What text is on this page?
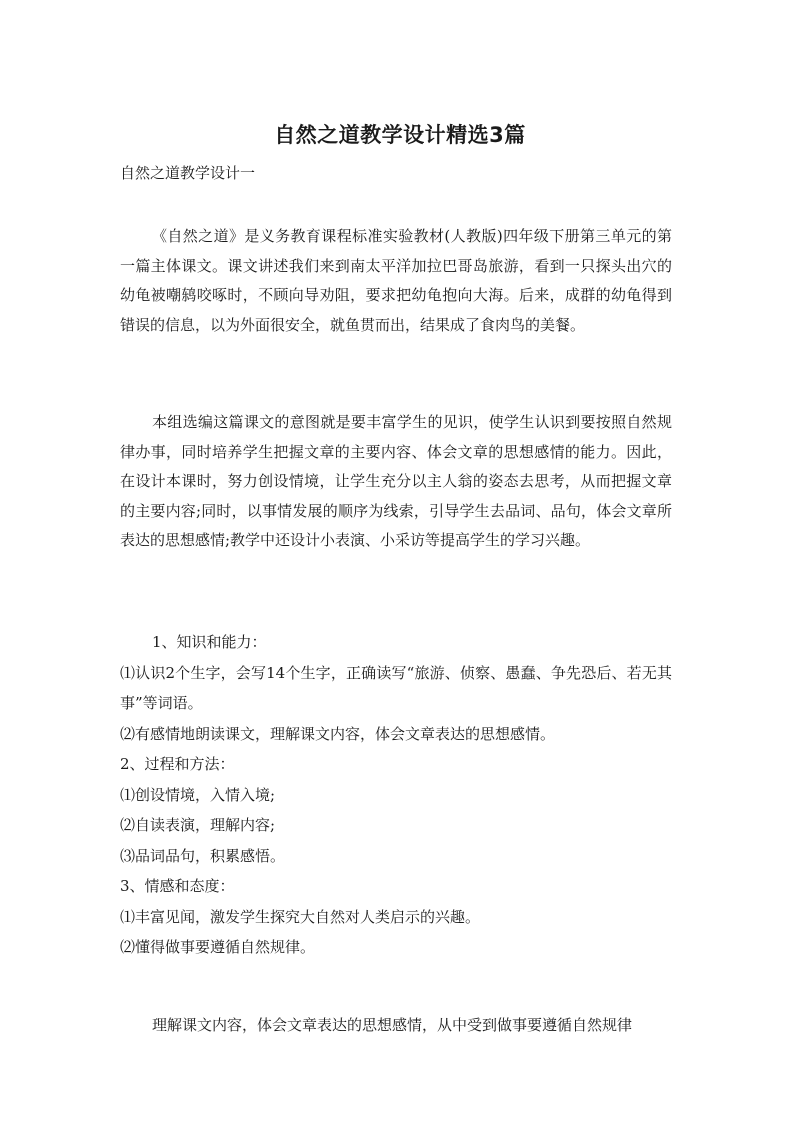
自然之道教学设计精选3篇
自然之道教学设计一

《自然之道》是义务教育课程标准实验教材(人教版)四年级下册第三单元的第一篇主体课文。课文讲述我们来到南太平洋加拉巴哥岛旅游，看到一只探头出穴的幼龟被嘲鸫咬啄时，不顾向导劝阻，要求把幼龟抱向大海。后来，成群的幼龟得到错误的信息，以为外面很安全，就鱼贯而出，结果成了食肉鸟的美餐。

本组选编这篇课文的意图就是要丰富学生的见识，使学生认识到要按照自然规律办事，同时培养学生把握文章的主要内容、体会文章的思想感情的能力。因此，在设计本课时，努力创设情境，让学生充分以主人翁的姿态去思考，从而把握文章的主要内容;同时，以事情发展的顺序为线索，引导学生去品词、品句，体会文章所表达的思想感情;教学中还设计小表演、小采访等提高学生的学习兴趣。

1、知识和能力：
⑴认识2个生字，会写14个生字，正确读写“旅游、侦察、愚蠢、争先恐后、若无其事”等词语。
⑵有感情地朗读课文，理解课文内容，体会文章表达的思想感情。
2、过程和方法：
⑴创设情境，入情入境;
⑵自读表演，理解内容;
⑶品词品句，积累感悟。
3、情感和态度：
⑴丰富见闻，激发学生探究大自然对人类启示的兴趣。
⑵懂得做事要遵循自然规律。

理解课文内容，体会文章表达的思想感情，从中受到做事要遵循自然规律
